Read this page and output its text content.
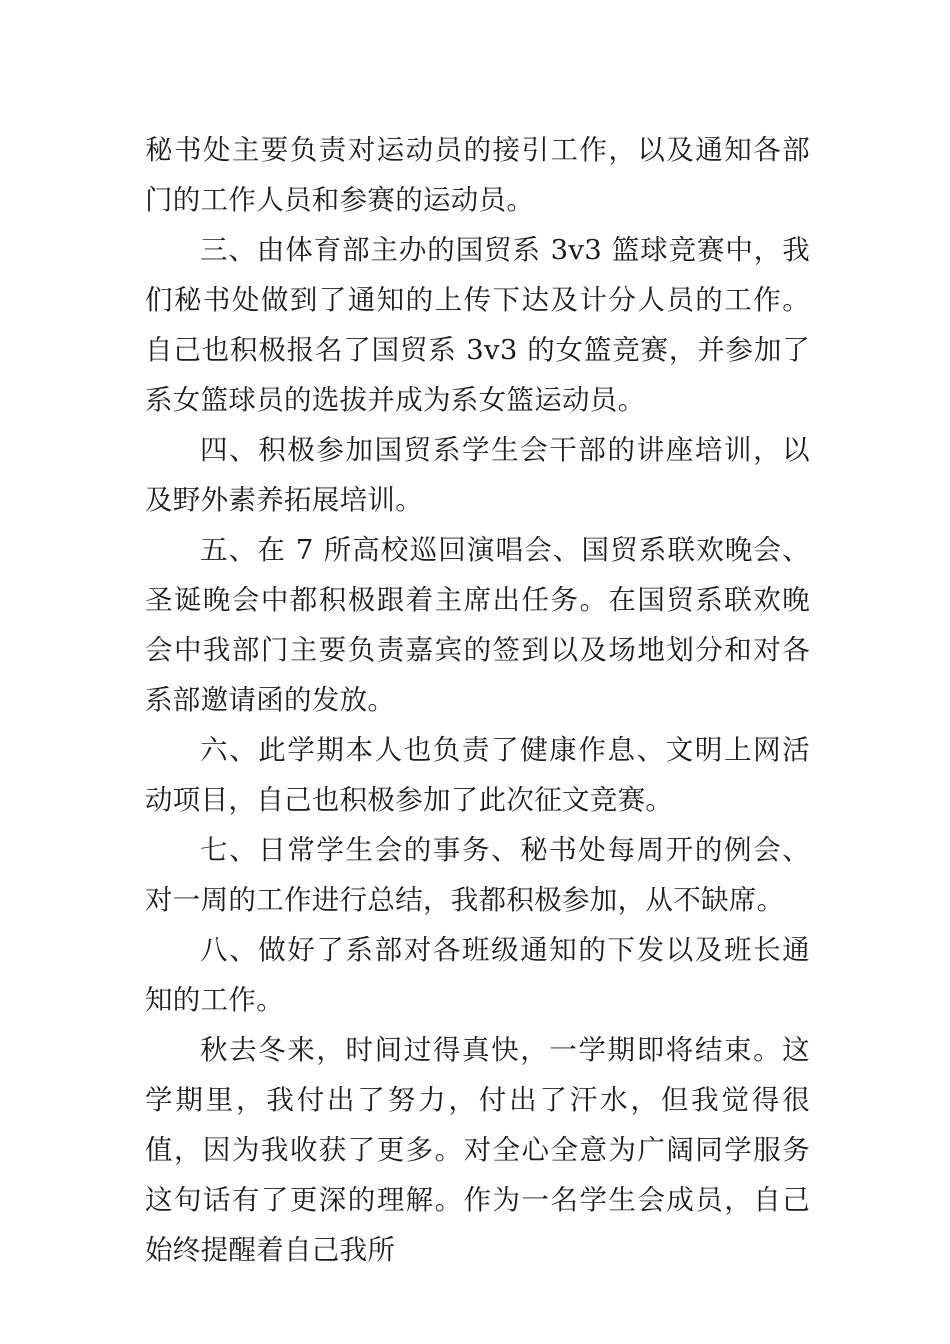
秘书处主要负责对运动员的接引工作，以及通知各部门的工作人员和参赛的运动员。

三、由体育部主办的国贸系 3v3 篮球竞赛中，我们秘书处做到了通知的上传下达及计分人员的工作。自己也积极报名了国贸系 3v3 的女篮竞赛，并参加了系女篮球员的选拔并成为系女篮运动员。

四、积极参加国贸系学生会干部的讲座培训，以及野外素养拓展培训。

五、在 7 所高校巡回演唱会、国贸系联欢晚会、圣诞晚会中都积极跟着主席出任务。在国贸系联欢晚会中我部门主要负责嘉宾的签到以及场地划分和对各系部邀请函的发放。

六、此学期本人也负责了健康作息、文明上网活动项目，自己也积极参加了此次征文竞赛。

七、日常学生会的事务、秘书处每周开的例会、对一周的工作进行总结，我都积极参加，从不缺席。

八、做好了系部对各班级通知的下发以及班长通知的工作。

秋去冬来，时间过得真快，一学期即将结束。这学期里，我付出了努力，付出了汗水，但我觉得很值，因为我收获了更多。对全心全意为广阔同学服务这句话有了更深的理解。作为一名学生会成员，自己始终提醒着自己我所
